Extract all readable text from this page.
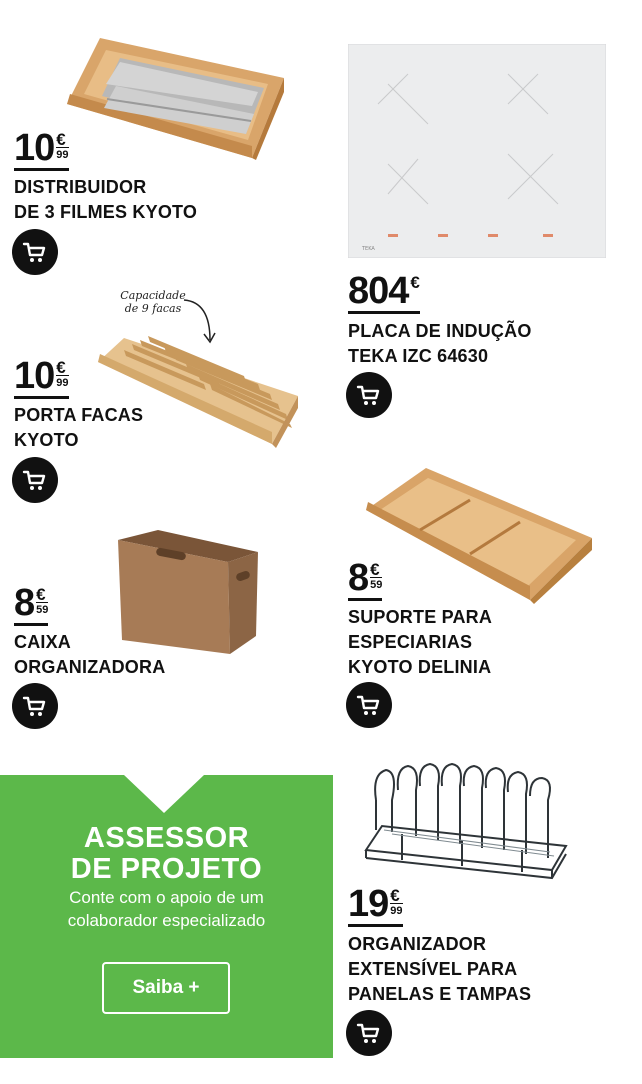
10 €
99
DISTRIBUIDOR
DE 3 FILMES KYOTO
TEKA
804 €
PLACA DE INDUÇÃO
TEKA IZC 64630
Capacidade
de 9 facas
10 €
99
PORTA FACAS
KYOTO
8 €
59
SUPORTE PARA
ESPECIARIAS
KYOTO DELINIA
8 €
59
CAIXA
ORGANIZADORA
ASSESSOR
DE PROJETO
Conte com o apoio de um
colaborador especializado
Saiba +
19 €
99
ORGANIZADOR
EXTENSÍVEL PARA
PANELAS E TAMPAS
